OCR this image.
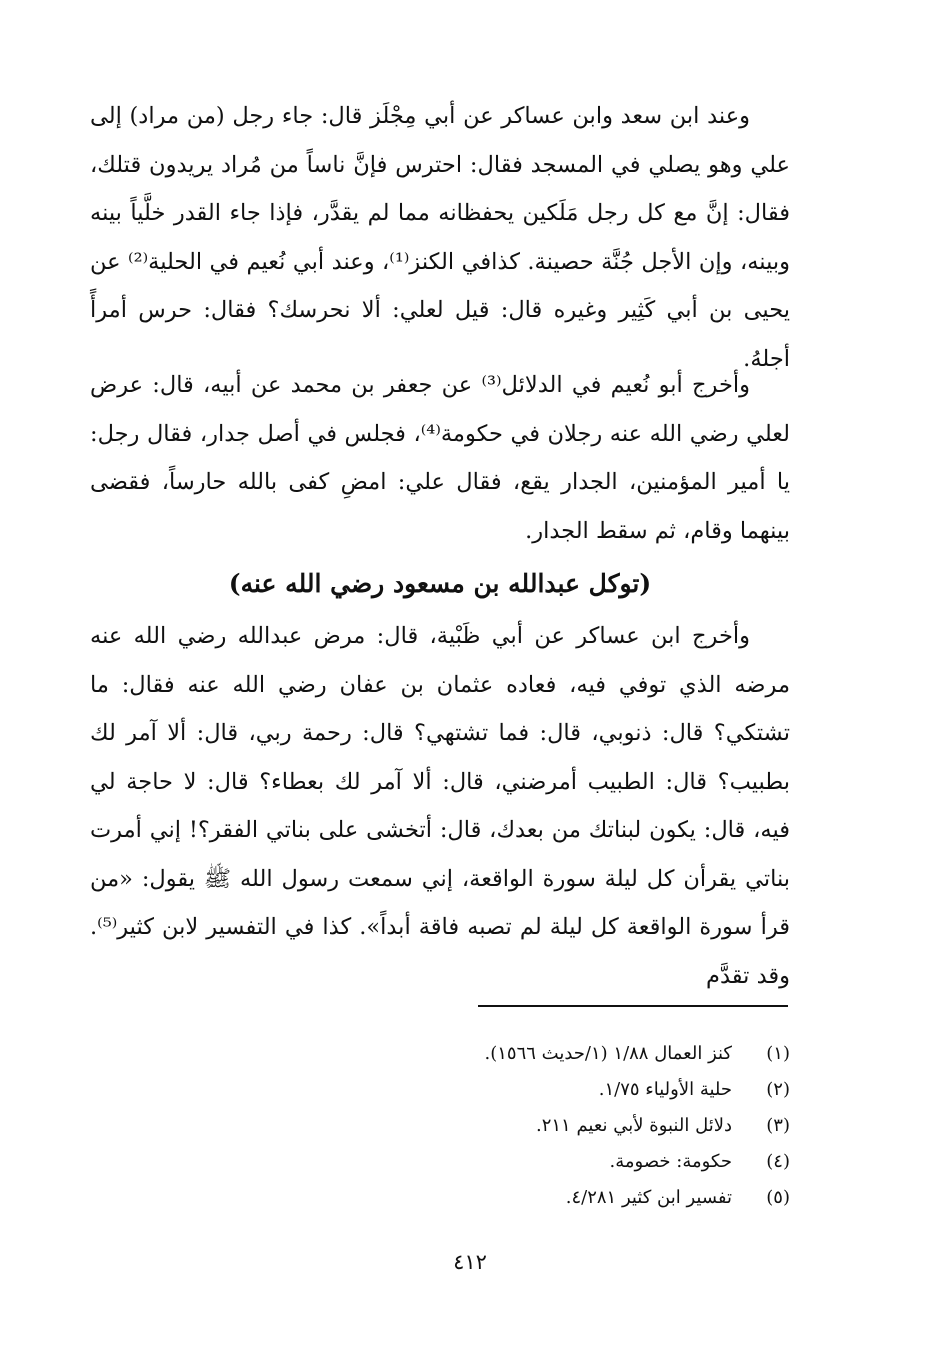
وعند ابن سعد وابن عساكر عن أبي مِجْلَز قال: جاء رجل (من مراد) إلى علي وهو يصلي في المسجد فقال: احترس فإنَّ ناساً من مُراد يريدون قتلك، فقال: إنَّ مع كل رجل مَلَكين يحفظانه مما لم يقدَّر، فإذا جاء القدر خلَّياً بينه وبينه، وإن الأجل جُنَّة حصينة. كذافي الكنز⁽¹⁾، وعند أبي نُعيم في الحلية⁽²⁾ عن يحيى بن أبي كَثِير وغيره قال: قيل لعلي: ألا نحرسك؟ فقال: حرس أمرأً أجلهُ.

وأخرج أبو نُعيم في الدلائل⁽³⁾ عن جعفر بن محمد عن أبيه، قال: عرض لعلي رضي الله عنه رجلان في حكومة⁽⁴⁾، فجلس في أصل جدار، فقال رجل: يا أمير المؤمنين، الجدار يقع، فقال علي: امضِ كفى بالله حارساً، فقضى بينهما وقام، ثم سقط الجدار.

(توكل عبدالله بن مسعود رضي الله عنه)

وأخرج ابن عساكر عن أبي ظَبْية، قال: مرض عبدالله رضي الله عنه مرضه الذي توفي فيه، فعاده عثمان بن عفان رضي الله عنه فقال: ما تشتكي؟ قال: ذنوبي، قال: فما تشتهي؟ قال: رحمة ربي، قال: ألا آمر لك بطبيب؟ قال: الطبيب أمرضني، قال: ألا آمر لك بعطاء؟ قال: لا حاجة لي فيه، قال: يكون لبناتك من بعدك، قال: أتخشى على بناتي الفقر؟! إني أمرت بناتي يقرأن كل ليلة سورة الواقعة، إني سمعت رسول الله ﷺ يقول: «من قرأ سورة الواقعة كل ليلة لم تصبه فاقة أبداً». كذا في التفسير لابن كثير⁽⁵⁾. وقد تقدَّم

(١)كنز العمال ١/٨٨ (١/حديث ١٥٦٦).
(٢)حلية الأولياء ١/٧٥.
(٣)دلائل النبوة لأبي نعيم ٢١١.
(٤)حكومة: خصومة.
(٥)تفسير ابن كثير ٤/٢٨١.
٤١٢
